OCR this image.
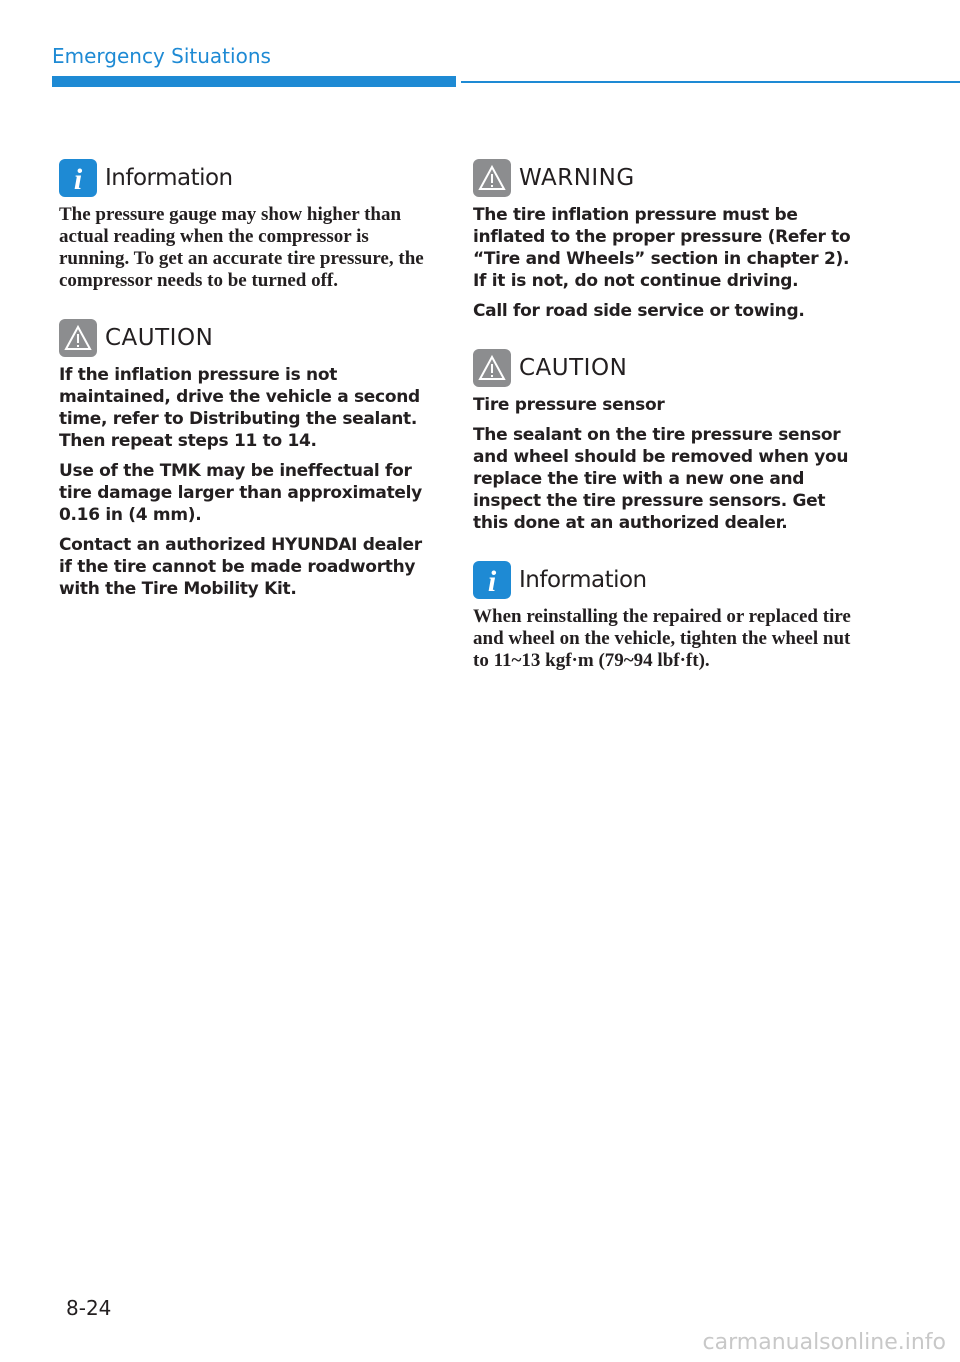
Emergency Situations
i Information

The pressure gauge may show higher than actual reading when the compressor is running. To get an accurate tire pressure, the compressor needs to be turned off.

CAUTION

If the inflation pressure is not maintained, drive the vehicle a second time, refer to Distributing the sealant. Then repeat steps 11 to 14.

Use of the TMK may be ineffectual for tire damage larger than approximately 0.16 in (4 mm).

Contact an authorized HYUNDAI dealer if the tire cannot be made roadworthy with the Tire Mobility Kit.

WARNING

The tire inflation pressure must be inflated to the proper pressure (Refer to “Tire and Wheels” section in chapter 2). If it is not, do not continue driving.

Call for road side service or towing.

CAUTION

Tire pressure sensor

The sealant on the tire pressure sensor and wheel should be removed when you replace the tire with a new one and inspect the tire pressure sensors. Get this done at an authorized dealer.

i Information

When reinstalling the repaired or replaced tire and wheel on the vehicle, tighten the wheel nut to 11~13 kgf·m (79~94 lbf·ft).

8-24
carmanualsonline.info
